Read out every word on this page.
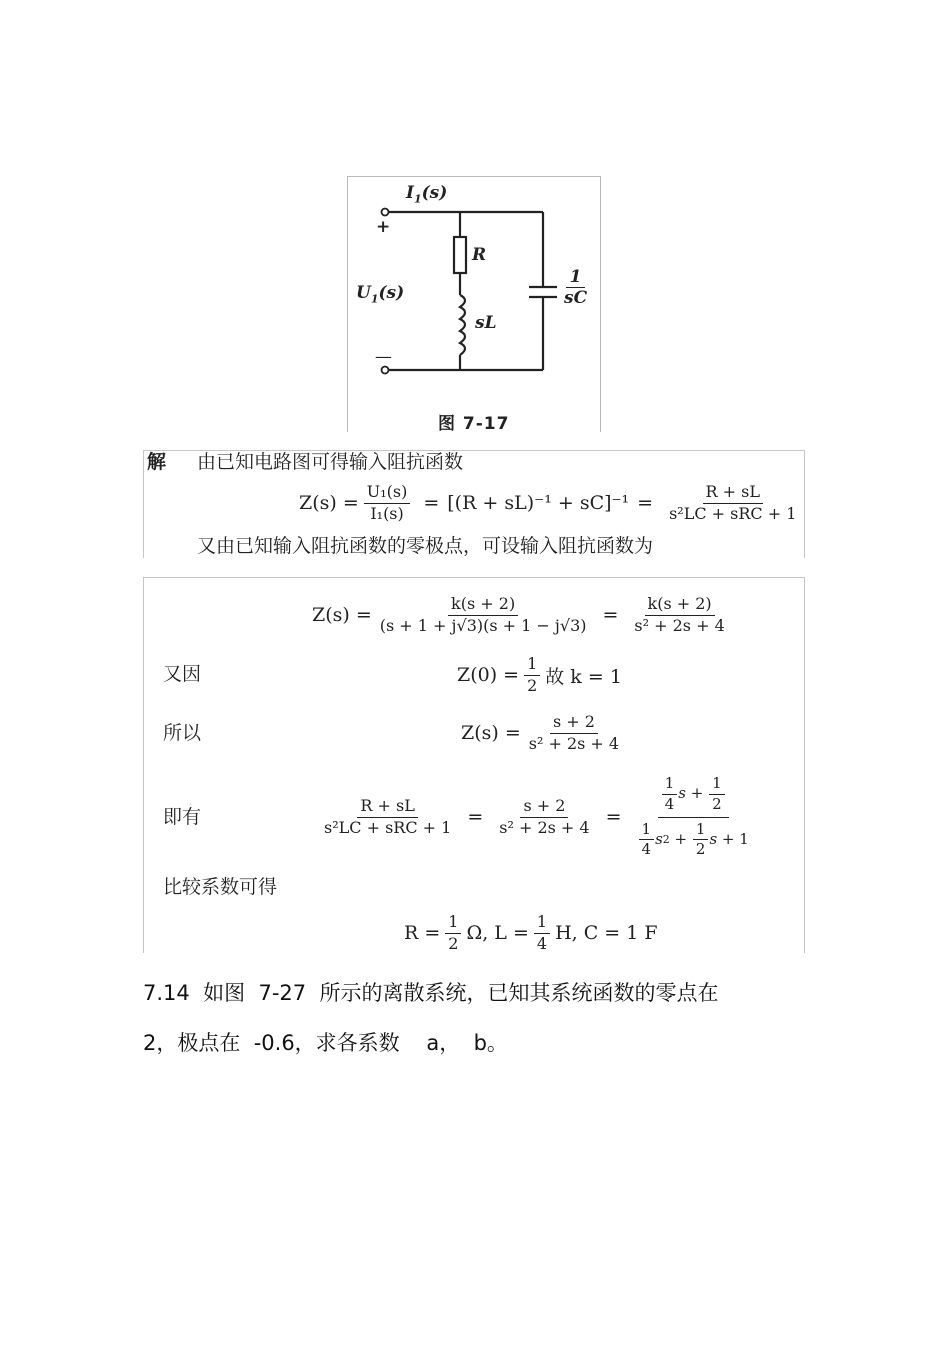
$I_1(s)$
+
$U_1(s)$
—
R
sL
1
sC
图 7-17
解 由已知电路图可得输入阻抗函数
$Z(s) = \frac{\text{U₁(s)}}{\text{I₁(s)}} = [(R + sL)^{-1} + sC]^{-1} = \frac{R + sL}{\text{s²LC + sRC + 1}}$
又由已知输入阻抗函数的零极点，可设输入阻抗函数为
$Z(s) = \frac{k(s + 2)}{(s + 1 + j√3)(s + 1 - j√3)} = \frac{k(s + 2)}{\text{s² + 2s + 4}}$
又因	$Z(0) = \frac{1}{2}$ 故 k = 1
所以	$Z(s) = \frac{s + 2}{\text{s² + 2s + 4}}$
即有	$\frac{R + sL}{\text{s²LC + sRC + 1}} = \frac{s + 2}{\text{s² + 2s + 4}} = \frac{\frac{1}{4} s + \frac{1}{2}}{\frac{1}{4} s 2 + \frac{1}{2} s + 1}$
比较系数可得
$R = \frac{1}{2} \Omega$, $L = \frac{1}{4} H$, C = 1 F
7.14  如图  7-27  所示的离散系统，已知其系统函数的零点在
2，极点在  -0.6，求各系数    a，  b。
